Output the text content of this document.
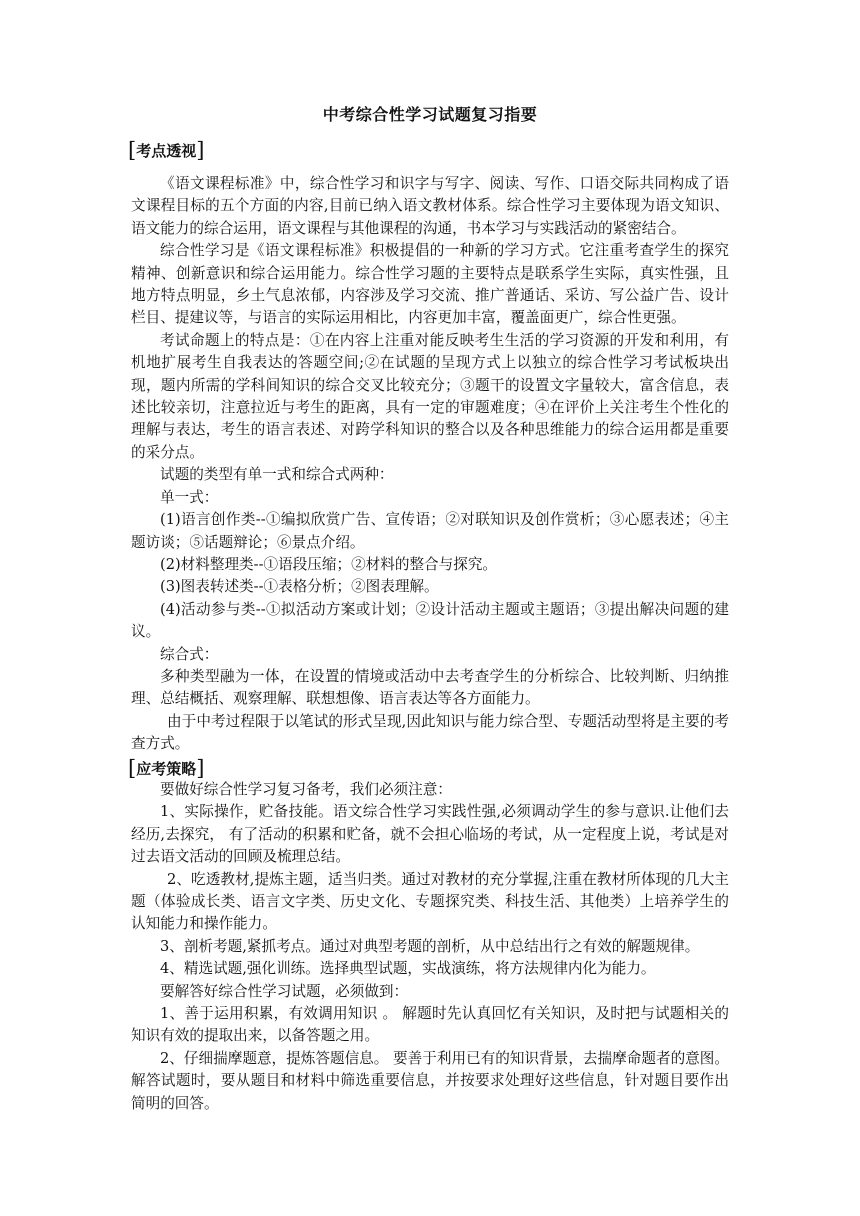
中考综合性学习试题复习指要
[考点透视]

《语文课程标准》中，综合性学习和识字与写字、阅读、写作、口语交际共同构成了语文课程目标的五个方面的内容,目前已纳入语文教材体系。综合性学习主要体现为语文知识、语文能力的综合运用，语文课程与其他课程的沟通，书本学习与实践活动的紧密结合。

综合性学习是《语文课程标准》积极提倡的一种新的学习方式。它注重考查学生的探究精神、创新意识和综合运用能力。综合性学习题的主要特点是联系学生实际，真实性强，且地方特点明显，乡土气息浓郁，内容涉及学习交流、推广普通话、采访、写公益广告、设计栏目、提建议等，与语言的实际运用相比，内容更加丰富，覆盖面更广，综合性更强。

考试命题上的特点是：①在内容上注重对能反映考生生活的学习资源的开发和利用，有机地扩展考生自我表达的答题空间;②在试题的呈现方式上以独立的综合性学习考试板块出现，题内所需的学科间知识的综合交叉比较充分；③题干的设置文字量较大，富含信息，表述比较亲切，注意拉近与考生的距离，具有一定的审题难度；④在评价上关注考生个性化的理解与表达，考生的语言表述、对跨学科知识的整合以及各种思维能力的综合运用都是重要的采分点。

试题的类型有单一式和综合式两种：

单一式：

(1)语言创作类--①编拟欣赏广告、宣传语；②对联知识及创作赏析；③心愿表述；④主题访谈；⑤话题辩论；⑥景点介绍。

(2)材料整理类--①语段压缩；②材料的整合与探究。

(3)图表转述类--①表格分析；②图表理解。

(4)活动参与类--①拟活动方案或计划；②设计活动主题或主题语；③提出解决问题的建议。

综合式：

多种类型融为一体，在设置的情境或活动中去考查学生的分析综合、比较判断、归纳推理、总结概括、观察理解、联想想像、语言表达等各方面能力。

由于中考过程限于以笔试的形式呈现,因此知识与能力综合型、专题活动型将是主要的考查方式。

[应考策略]

要做好综合性学习复习备考，我们必须注意：

1、实际操作，贮备技能。语文综合性学习实践性强,必须调动学生的参与意识.让他们去经历,去探究， 有了活动的积累和贮备，就不会担心临场的考试，从一定程度上说，考试是对过去语文活动的回顾及梳理总结。

2、吃透教材,提炼主题，适当归类。通过对教材的充分掌握,注重在教材所体现的几大主题（体验成长类、语言文字类、历史文化、专题探究类、科技生活、其他类）上培养学生的认知能力和操作能力。

3、剖析考题,紧抓考点。通过对典型考题的剖析，从中总结出行之有效的解题规律。

4、精选试题,强化训练。选择典型试题，实战演练，将方法规律内化为能力。

要解答好综合性学习试题，必须做到：

1、善于运用积累，有效调用知识 。 解题时先认真回忆有关知识，及时把与试题相关的知识有效的提取出来，以备答题之用。

2、仔细揣摩题意，提炼答题信息。 要善于利用已有的知识背景，去揣摩命题者的意图。解答试题时，要从题目和材料中筛选重要信息，并按要求处理好这些信息，针对题目要作出简明的回答。
